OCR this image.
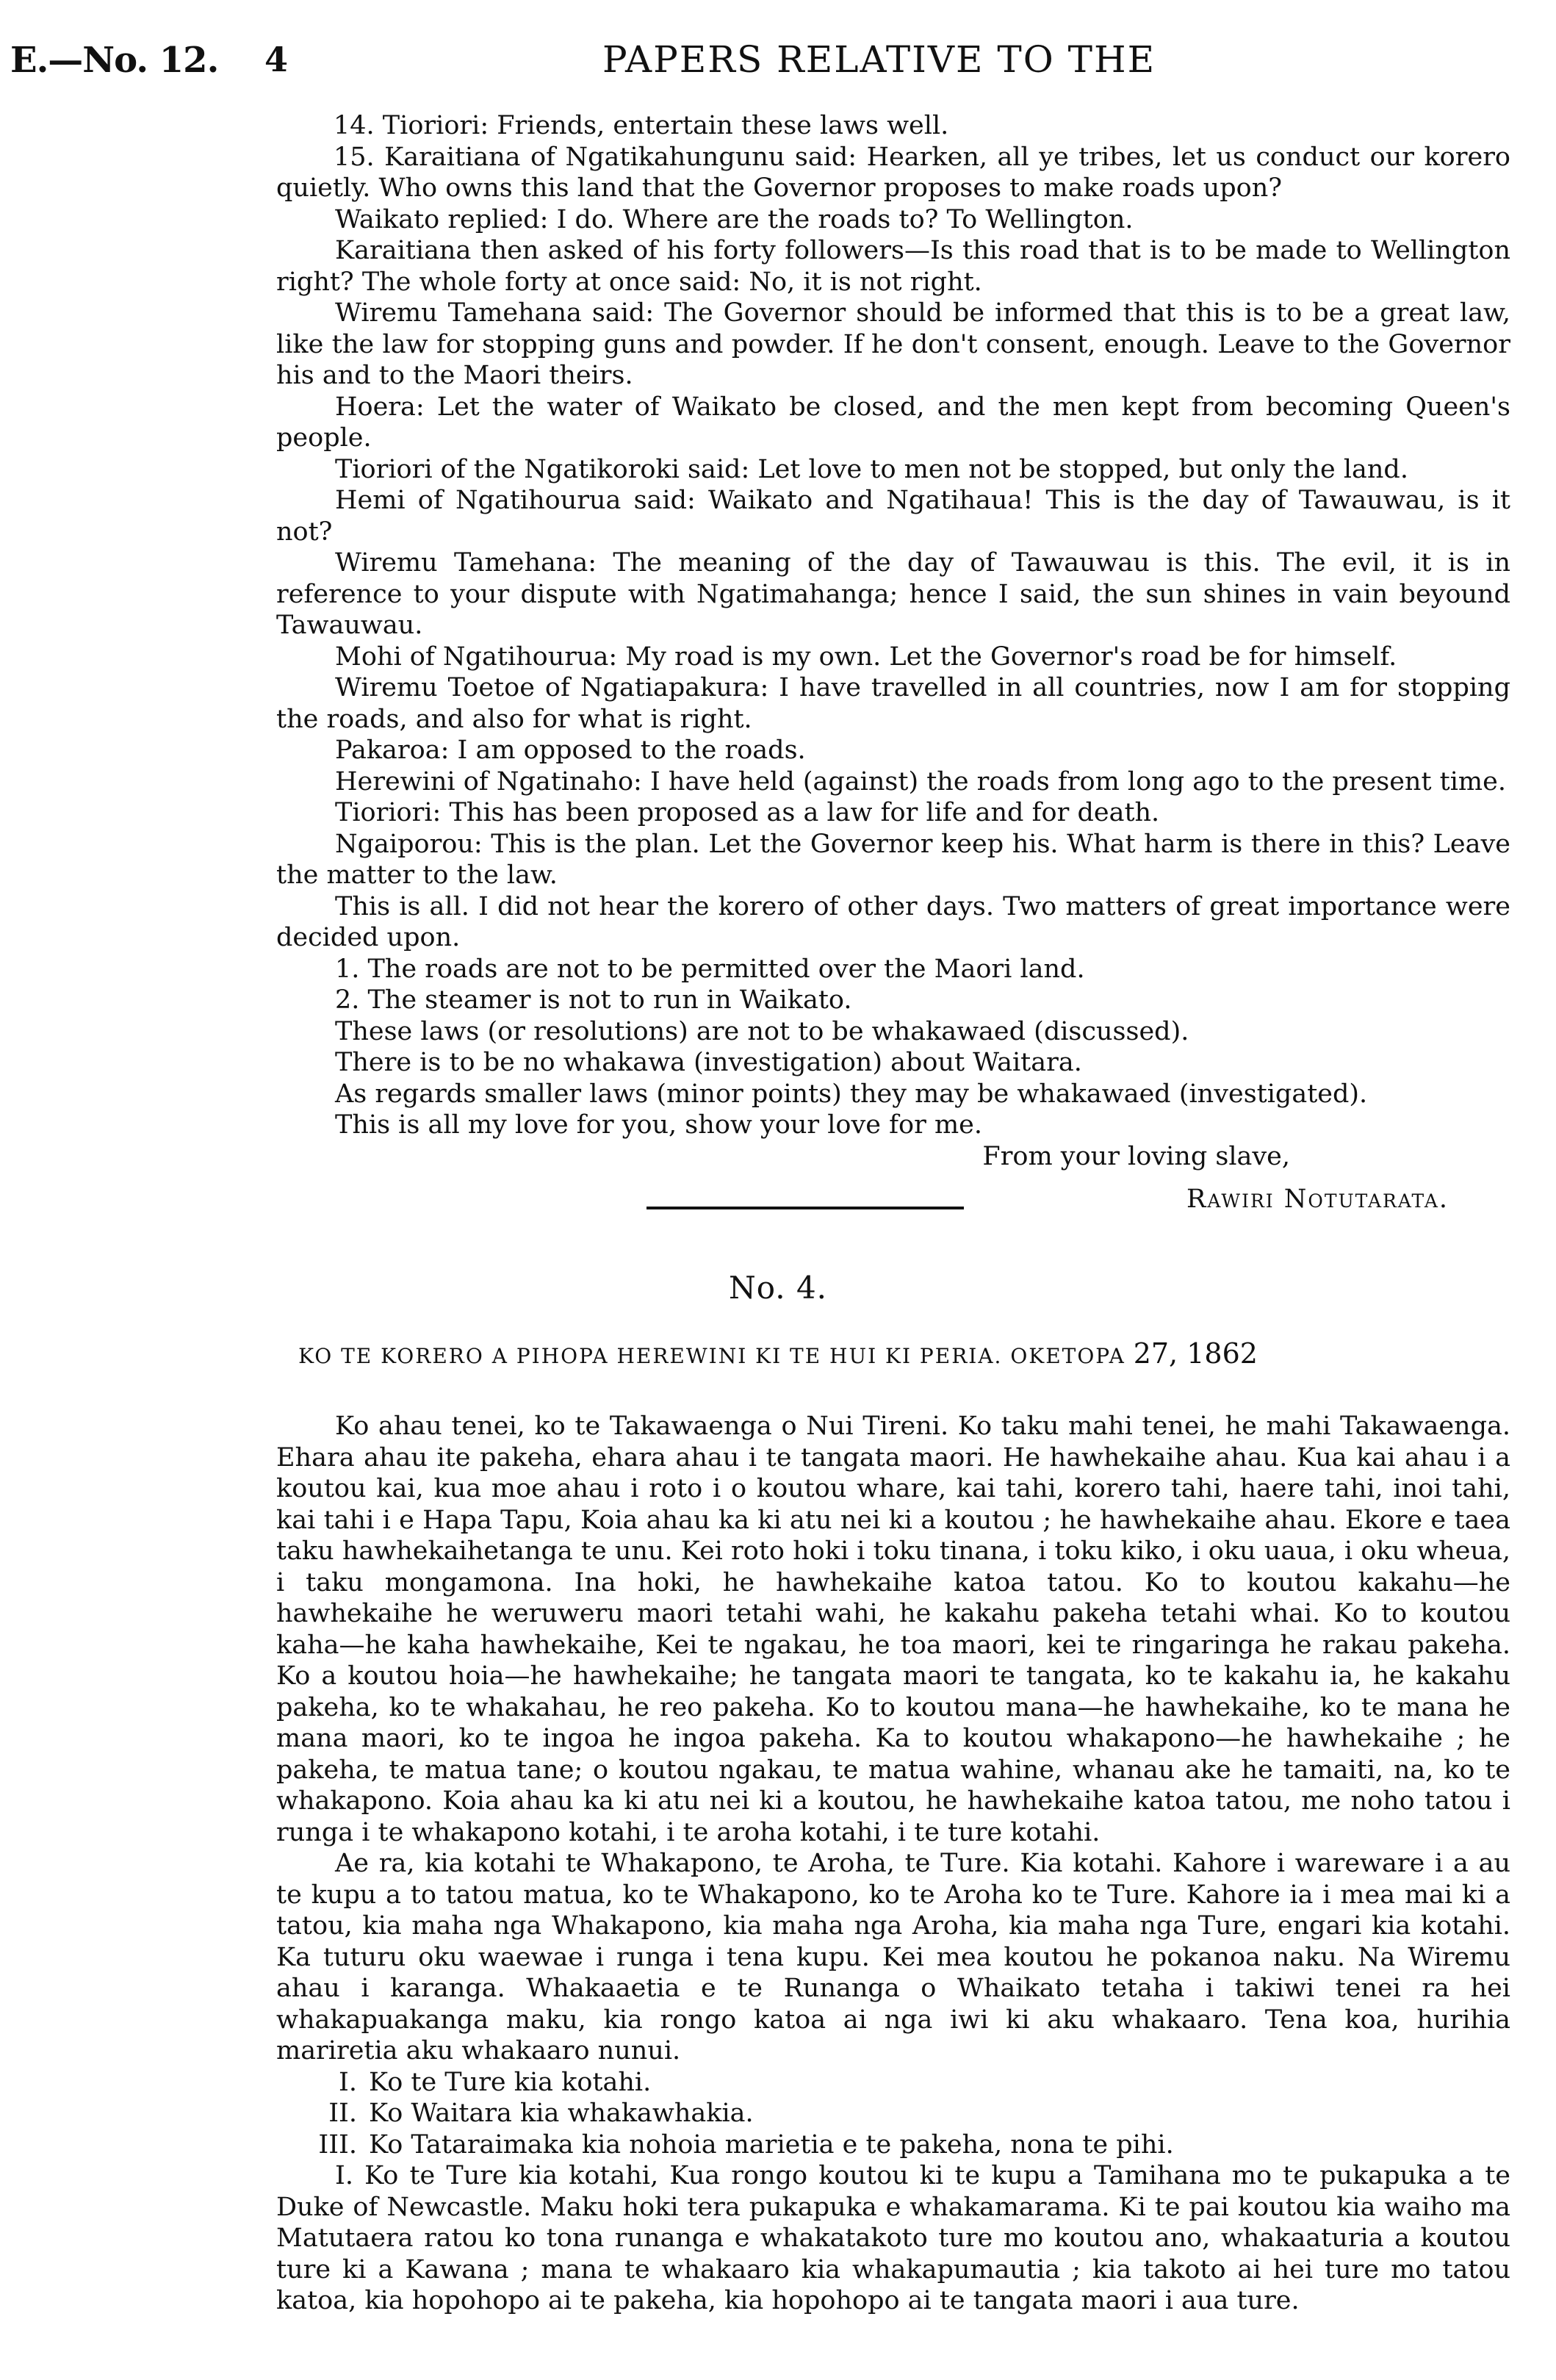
E.—No. 12. 4	PAPERS RELATIVE TO THE

14. Tioriori: Friends, entertain these laws well.

15. Karaitiana of Ngatikahungunu said: Hearken, all ye tribes, let us conduct our korero quietly. Who owns this land that the Governor proposes to make roads upon?

Waikato replied: I do. Where are the roads to? To Wellington.

Karaitiana then asked of his forty followers—Is this road that is to be made to Wellington right? The whole forty at once said: No, it is not right.

Wiremu Tamehana said: The Governor should be informed that this is to be a great law, like the law for stopping guns and powder. If he don't consent, enough. Leave to the Governor his and to the Maori theirs.

Hoera: Let the water of Waikato be closed, and the men kept from becoming Queen's people.

Tioriori of the Ngatikoroki said: Let love to men not be stopped, but only the land.

Hemi of Ngatihourua said: Waikato and Ngatihaua! This is the day of Tawauwau, is it not?

Wiremu Tamehana: The meaning of the day of Tawauwau is this. The evil, it is in reference to your dispute with Ngatimahanga; hence I said, the sun shines in vain beyound Tawauwau.

Mohi of Ngatihourua: My road is my own. Let the Governor's road be for himself.

Wiremu Toetoe of Ngatiapakura: I have travelled in all countries, now I am for stopping the roads, and also for what is right.

Pakaroa: I am opposed to the roads.

Herewini of Ngatinaho: I have held (against) the roads from long ago to the present time.

Tioriori: This has been proposed as a law for life and for death.

Ngaiporou: This is the plan. Let the Governor keep his. What harm is there in this? Leave the matter to the law.

This is all. I did not hear the korero of other days. Two matters of great importance were decided upon.

1. The roads are not to be permitted over the Maori land.

2. The steamer is not to run in Waikato.

These laws (or resolutions) are not to be whakawaed (discussed).

There is to be no whakawa (investigation) about Waitara.

As regards smaller laws (minor points) they may be whakawaed (investigated).

This is all my love for you, show your love for me.

From your loving slave,

Rawiri Notutarata.

No. 4.
KO TE KORERO A PIHOPA HEREWINI KI TE HUI KI PERIA. OKETOPA 27, 1862

Ko ahau tenei, ko te Takawaenga o Nui Tireni. Ko taku mahi tenei, he mahi Takawaenga. Ehara ahau ite pakeha, ehara ahau i te tangata maori. He hawhekaihe ahau. Kua kai ahau i a koutou kai, kua moe ahau i roto i o koutou whare, kai tahi, korero tahi, haere tahi, inoi tahi, kai tahi i e Hapa Tapu, Koia ahau ka ki atu nei ki a koutou ; he hawhekaihe ahau. Ekore e taea taku hawhekaihetanga te unu. Kei roto hoki i toku tinana, i toku kiko, i oku uaua, i oku wheua, i taku mongamona. Ina hoki, he hawhekaihe katoa tatou. Ko to koutou kakahu—he hawhekaihe he weruweru maori tetahi wahi, he kakahu pakeha tetahi whai. Ko to koutou kaha—he kaha hawhekaihe, Kei te ngakau, he toa maori, kei te ringaringa he rakau pakeha. Ko a koutou hoia—he hawhekaihe; he tangata maori te tangata, ko te kakahu ia, he kakahu pakeha, ko te whakahau, he reo pakeha. Ko to koutou mana—he hawhekaihe, ko te mana he mana maori, ko te ingoa he ingoa pakeha. Ka to koutou whakapono—he hawhekaihe ; he pakeha, te matua tane; o koutou ngakau, te matua wahine, whanau ake he tamaiti, na, ko te whakapono. Koia ahau ka ki atu nei ki a koutou, he hawhekaihe katoa tatou, me noho tatou i runga i te whakapono kotahi, i te aroha kotahi, i te ture kotahi.

Ae ra, kia kotahi te Whakapono, te Aroha, te Ture. Kia kotahi. Kahore i wareware i a au te kupu a to tatou matua, ko te Whakapono, ko te Aroha ko te Ture. Kahore ia i mea mai ki a tatou, kia maha nga Whakapono, kia maha nga Aroha, kia maha nga Ture, engari kia kotahi. Ka tuturu oku waewae i runga i tena kupu. Kei mea koutou he pokanoa naku. Na Wiremu ahau i karanga. Whakaaetia e te Runanga o Whaikato tetaha i takiwi tenei ra hei whakapuakanga maku, kia rongo katoa ai nga iwi ki aku whakaaro. Tena koa, hurihia mariretia aku whakaaro nunui.

I. Ko te Ture kia kotahi.

II. Ko Waitara kia whakawhakia.

III. Ko Tataraimaka kia nohoia marietia e te pakeha, nona te pihi.

I. Ko te Ture kia kotahi, Kua rongo koutou ki te kupu a Tamihana mo te pukapuka a te Duke of Newcastle. Maku hoki tera pukapuka e whakamarama. Ki te pai koutou kia waiho ma Matutaera ratou ko tona runanga e whakatakoto ture mo koutou ano, whakaaturia a koutou ture ki a Kawana ; mana te whakaaro kia whakapumautia ; kia takoto ai hei ture mo tatou katoa, kia hopohopo ai te pakeha, kia hopohopo ai te tangata maori i aua ture.
